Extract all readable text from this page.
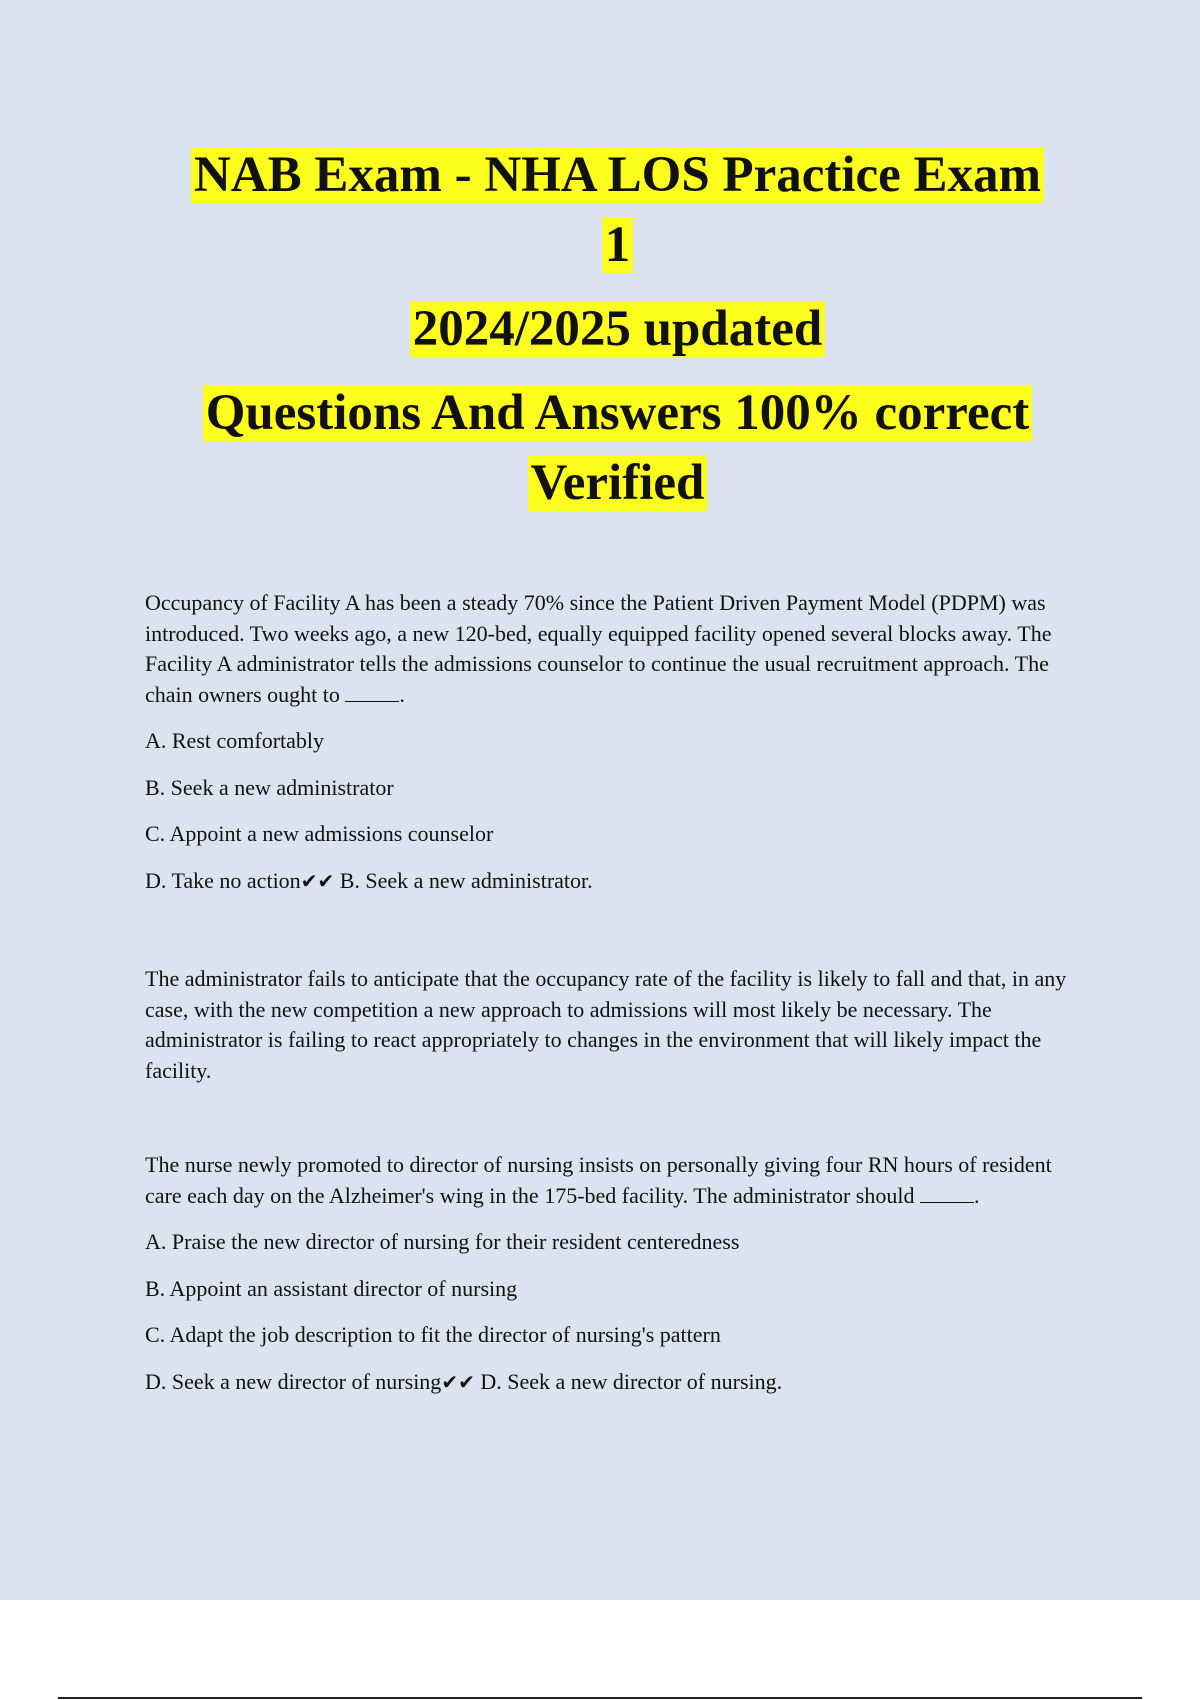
NAB Exam - NHA LOS Practice Exam
1
2024/2025 updated
Questions And Answers 100% correct
Verified

Occupancy of Facility A has been a steady 70% since the Patient Driven Payment Model (PDPM) was introduced. Two weeks ago, a new 120-bed, equally equipped facility opened several blocks away. The Facility A administrator tells the admissions counselor to continue the usual recruitment approach. The chain owners ought to	.

A. Rest comfortably

B. Seek a new administrator

C. Appoint a new admissions counselor

D. Take no action✔✔ B. Seek a new administrator.

The administrator fails to anticipate that the occupancy rate of the facility is likely to fall and that, in any case, with the new competition a new approach to admissions will most likely be necessary. The administrator is failing to react appropriately to changes in the environment that will likely impact the facility.

The nurse newly promoted to director of nursing insists on personally giving four RN hours of resident care each day on the Alzheimer's wing in the 175-bed facility. The administrator should	.

A. Praise the new director of nursing for their resident centeredness

B. Appoint an assistant director of nursing

C. Adapt the job description to fit the director of nursing's pattern

D. Seek a new director of nursing✔✔ D. Seek a new director of nursing.
